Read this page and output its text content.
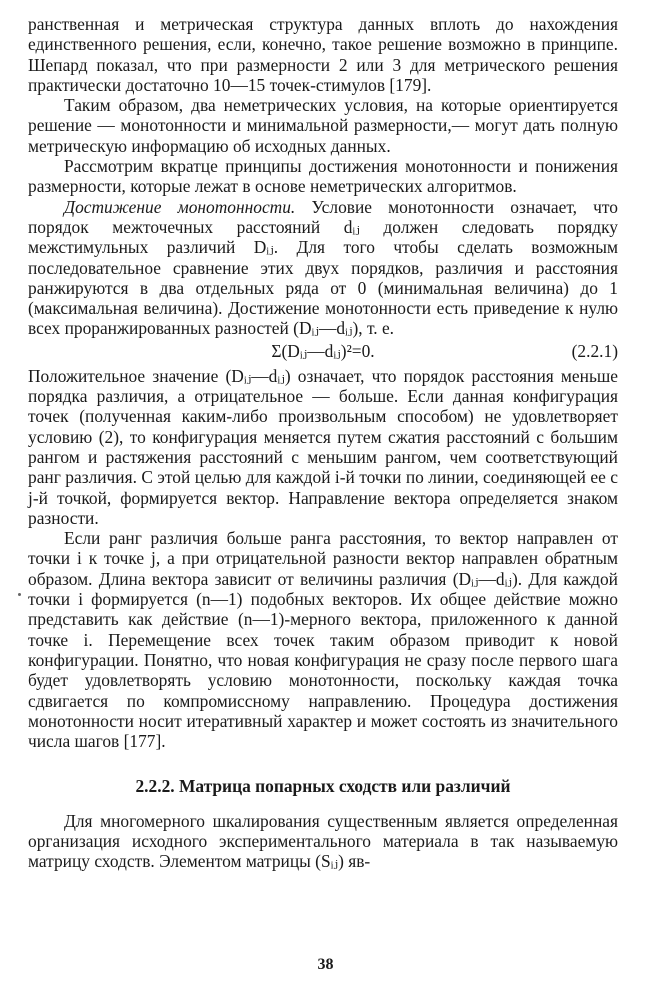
ранственная и метрическая структура данных вплоть до нахождения единственного решения, если, конечно, такое решение возможно в принципе. Шепард показал, что при размерности 2 или 3 для метрического решения практически достаточно 10—15 точек-стимулов [179].

Таким образом, два неметрических условия, на которые ориентируется решение — монотонности и минимальной размерности,— могут дать полную метрическую информацию об исходных данных.

Рассмотрим вкратце принципы достижения монотонности и понижения размерности, которые лежат в основе неметрических алгоритмов.

Достижение монотонности. Условие монотонности означает, что порядок межточечных расстояний dᵢⱼ должен следовать порядку межстимульных различий Dᵢⱼ. Для того чтобы сделать возможным последовательное сравнение этих двух порядков, различия и расстояния ранжируются в два отдельных ряда от 0 (минимальная величина) до 1 (максимальная величина). Достижение монотонности есть приведение к нулю всех проранжированных разностей (Dᵢⱼ—dᵢⱼ), т. е.

Σ(Dᵢⱼ—dᵢⱼ)²=0.	(2.2.1)

Положительное значение (Dᵢⱼ—dᵢⱼ) означает, что порядок расстояния меньше порядка различия, а отрицательное — больше. Если данная конфигурация точек (полученная каким-либо произвольным способом) не удовлетворяет условию (2), то конфигурация меняется путем сжатия расстояний с большим рангом и растяжения расстояний с меньшим рангом, чем соответствующий ранг различия. С этой целью для каждой i-й точки по линии, соединяющей ее с j-й точкой, формируется вектор. Направление вектора определяется знаком разности.

Если ранг различия больше ранга расстояния, то вектор направлен от точки i к точке j, а при отрицательной разности вектор направлен обратным образом. Длина вектора зависит от величины различия (Dᵢⱼ—dᵢⱼ). Для каждой точки i формируется (n—1) подобных векторов. Их общее действие можно представить как действие (n—1)-мерного вектора, приложенного к данной точке i. Перемещение всех точек таким образом приводит к новой конфигурации. Понятно, что новая конфигурация не сразу после первого шага будет удовлетворять условию монотонности, поскольку каждая точка сдвигается по компромиссному направлению. Процедура достижения монотонности носит итеративный характер и может состоять из значительного числа шагов [177].

2.2.2. Матрица попарных сходств или различий

Для многомерного шкалирования существенным является определенная организация исходного экспериментального материала в так называемую матрицу сходств. Элементом матрицы (Sᵢⱼ) яв-

38
